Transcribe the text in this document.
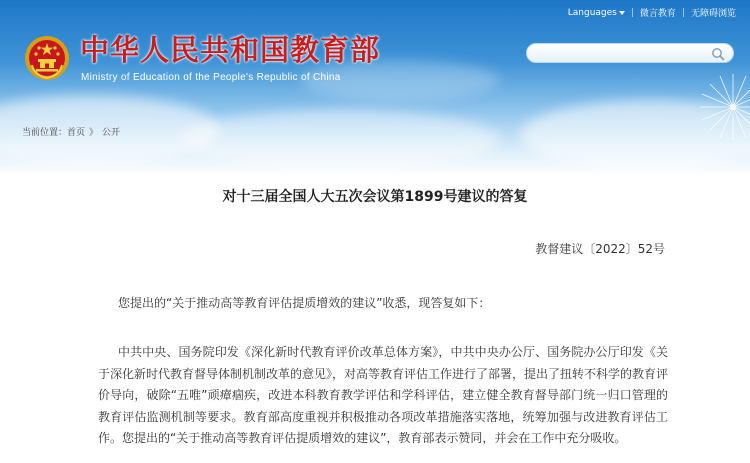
中华人民共和国教育部
Ministry of Education of the People's Republic of China
Languages	| 微言教育 | 无障碍浏览
当前位置：首页 》 公开
对十三届全国人大五次会议第1899号建议的答复
教督建议〔2022〕52号
您提出的“关于推动高等教育评估提质增效的建议”收悉，现答复如下：
中共中央、国务院印发《深化新时代教育评价改革总体方案》，中共中央办公厅、国务院办公厅印发《关于深化新时代教育督导体制机制改革的意见》，对高等教育评估工作进行了部署，提出了扭转不科学的教育评价导向，破除“五唯”顽瘴痼疾，改进本科教育教学评估和学科评估，建立健全教育督导部门统一归口管理的教育评估监测机制等要求。教育部高度重视并积极推动各项改革措施落实落地，统筹加强与改进教育评估工作。您提出的“关于推动高等教育评估提质增效的建议”，教育部表示赞同，并会在工作中充分吸收。
